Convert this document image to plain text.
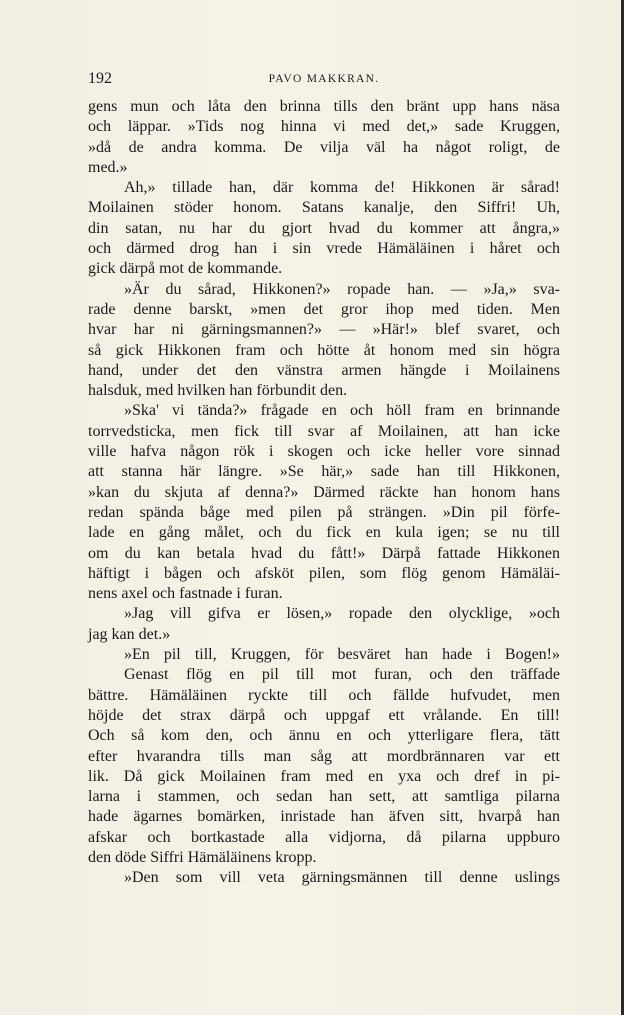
192	PAVO MAKKRAN.
gens mun och låta den brinna tills den bränt upp hans näsa
och läppar. »Tids nog hinna vi med det,» sade Kruggen,
»då de andra komma. De vilja väl ha något roligt, de
med.»
Ah,» tillade han, där komma de! Hikkonen är sårad!
Moilainen stöder honom. Satans kanalje, den Siffri! Uh,
din satan, nu har du gjort hvad du kommer att ångra,»
och därmed drog han i sin vrede Hämäläinen i håret och
gick därpå mot de kommande.
»Är du sårad, Hikkonen?» ropade han. — »Ja,» sva-
rade denne barskt, »men det gror ihop med tiden. Men
hvar har ni gärningsmannen?» — »Här!» blef svaret, och
så gick Hikkonen fram och hötte åt honom med sin högra
hand, under det den vänstra armen hängde i Moilainens
halsduk, med hvilken han förbundit den.
»Ska' vi tända?» frågade en och höll fram en brinnande
torrvedsticka, men fick till svar af Moilainen, att han icke
ville hafva någon rök i skogen och icke heller vore sinnad
att stanna här längre. »Se här,» sade han till Hikkonen,
»kan du skjuta af denna?» Därmed räckte han honom hans
redan spända båge med pilen på strängen. »Din pil förfe-
lade en gång målet, och du fick en kula igen; se nu till
om du kan betala hvad du fått!» Därpå fattade Hikkonen
häftigt i bågen och afsköt pilen, som flög genom Hämäläi-
nens axel och fastnade i furan.
»Jag vill gifva er lösen,» ropade den olycklige, »och
jag kan det.»
»En pil till, Kruggen, för besväret han hade i Bogen!»
Genast flög en pil till mot furan, och den träffade
bättre. Hämäläinen ryckte till och fällde hufvudet, men
höjde det strax därpå och uppgaf ett vrålande. En till!
Och så kom den, och ännu en och ytterligare flera, tätt
efter hvarandra tills man såg att mordbrännaren var ett
lik. Då gick Moilainen fram med en yxa och dref in pi-
larna i stammen, och sedan han sett, att samtliga pilarna
hade ägarnes bomärken, inristade han äfven sitt, hvarpå han
afskar och bortkastade alla vidjorna, då pilarna uppburo
den döde Siffri Hämäläinens kropp.
»Den som vill veta gärningsmännen till denne uslings
